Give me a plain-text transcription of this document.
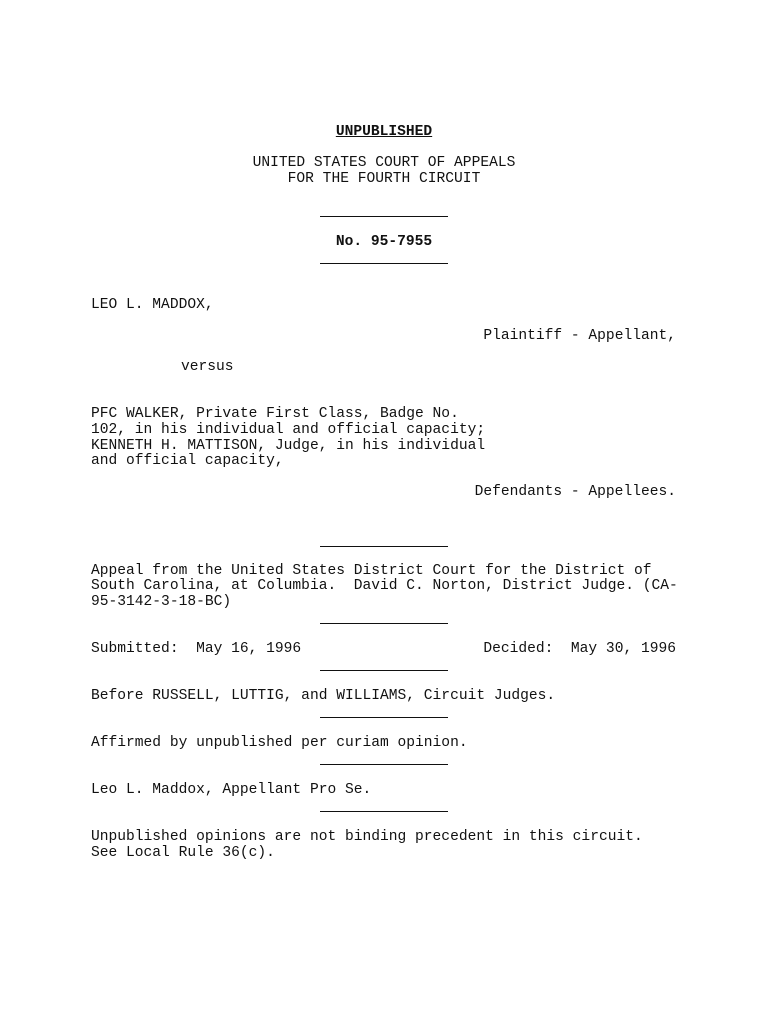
UNPUBLISHED
UNITED STATES COURT OF APPEALS
FOR THE FOURTH CIRCUIT
No. 95-7955
LEO L. MADDOX,
Plaintiff - Appellant,
versus
PFC WALKER, Private First Class, Badge No.
102, in his individual and official capacity;
KENNETH H. MATTISON, Judge, in his individual
and official capacity,
Defendants - Appellees.
Appeal from the United States District Court for the District of
South Carolina, at Columbia.  David C. Norton, District Judge. (CA-
95-3142-3-18-BC)
Submitted:  May 16, 1996	Decided:  May 30, 1996
Before RUSSELL, LUTTIG, and WILLIAMS, Circuit Judges.
Affirmed by unpublished per curiam opinion.
Leo L. Maddox, Appellant Pro Se.
Unpublished opinions are not binding precedent in this circuit.
See Local Rule 36(c).
